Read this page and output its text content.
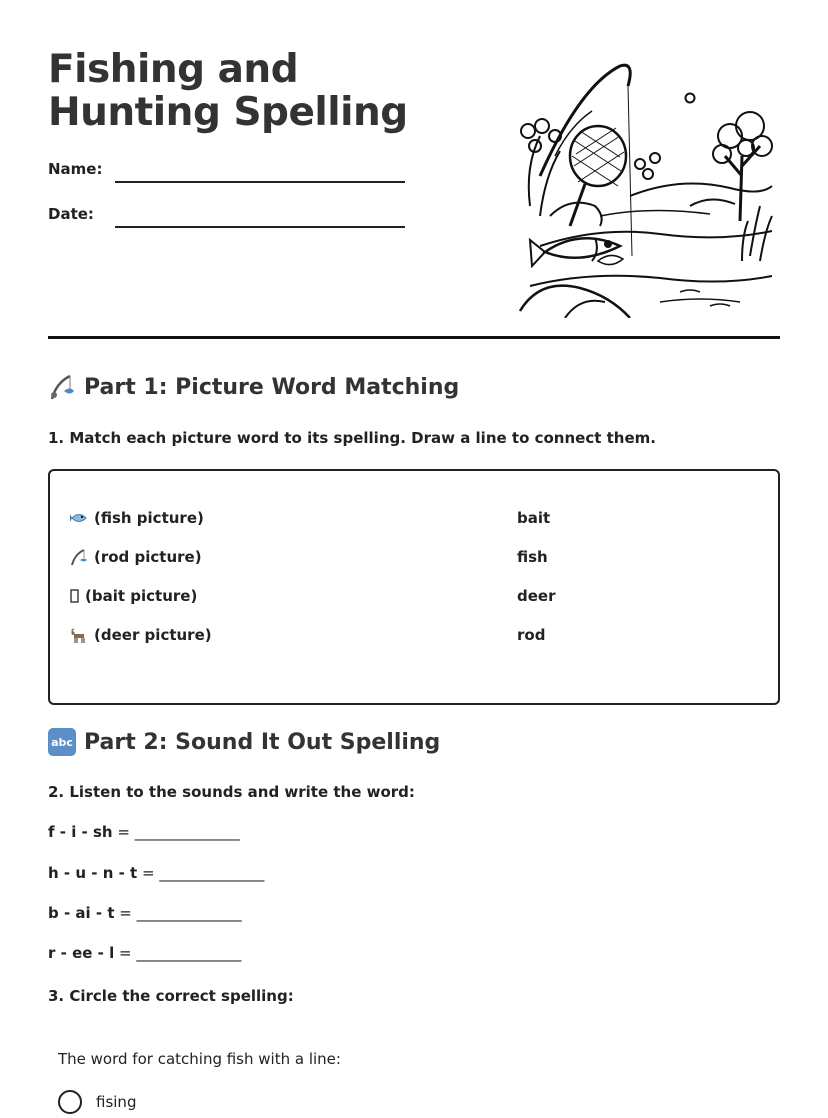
Fishing and Hunting Spelling
Name:
Date:
Part 1: Picture Word Matching
1. Match each picture word to its spelling. Draw a line to connect them.
(fish picture)
(rod picture)
(bait picture)
(deer picture)
bait
fish
deer
rod
abc Part 2: Sound It Out Spelling
2. Listen to the sounds and write the word:
f - i - sh = ______________
h - u - n - t = ______________
b - ai - t = ______________
r - ee - l = ______________
3. Circle the correct spelling:
The word for catching fish with a line:
fising
